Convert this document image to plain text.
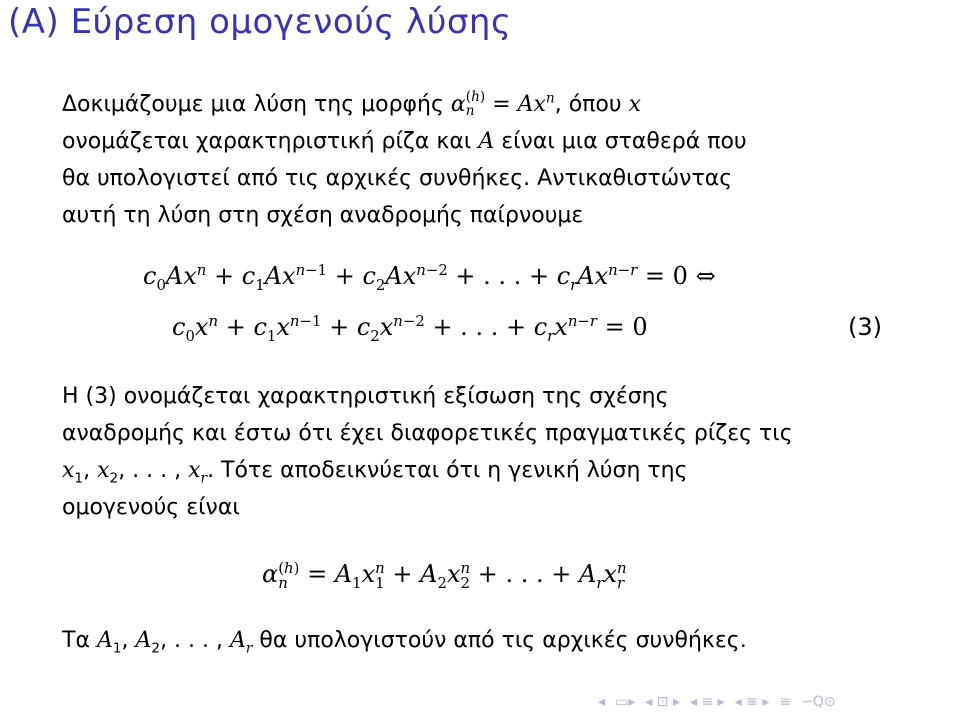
(A) Εύρεση ομογενούς λύσης

Δοκιμάζουμε μια λύση της μορφής α (h)
$n = Ax^n$, όπου x
ονομάζεται χαρακτηριστική ρίζα και A είναι μια σταθερά που
θα υπολογιστεί από τις αρχικές συνθήκες. Αντικαθιστώντας
αυτή τη λύση στη σχέση αναδρομής παίρνουμε

$c_0Ax^n + c_1Ax^{n-1} + c_2Ax^{n-2}$ + . . . + $c_rAx^{n-r} = 0$ ⇔
$c_0x^n + c_1x^{n-1} + c_2x^{n-2}$ + . . . + $c_rx^{n-r} = 0$	(3)

Η (3) ονομάζεται χαρακτηριστική εξίσωση της σχέσης
αναδρομής και έστω ότι έχει διαφορετικές πραγματικές ρίζες τις
$x_1$, $x_2$, . . . , $x_r$. Τότε αποδεικνύεται ότι η γενική λύση της
ομογενούς είναι

α (h)
$n = A_1x$ n
$1 + A_2x$ n
2 + . . . + $A_rx$ n
r

Τα $A_1$, $A_2$, . . . , $A_r$ θα υπολογιστούν από τις αρχικές συνθήκες.

◂ ▭▸ ◂ ⊡ ▸ ◂ ≡ ▸ ◂ ≡ ▸ ≡ ∽Q⊙
